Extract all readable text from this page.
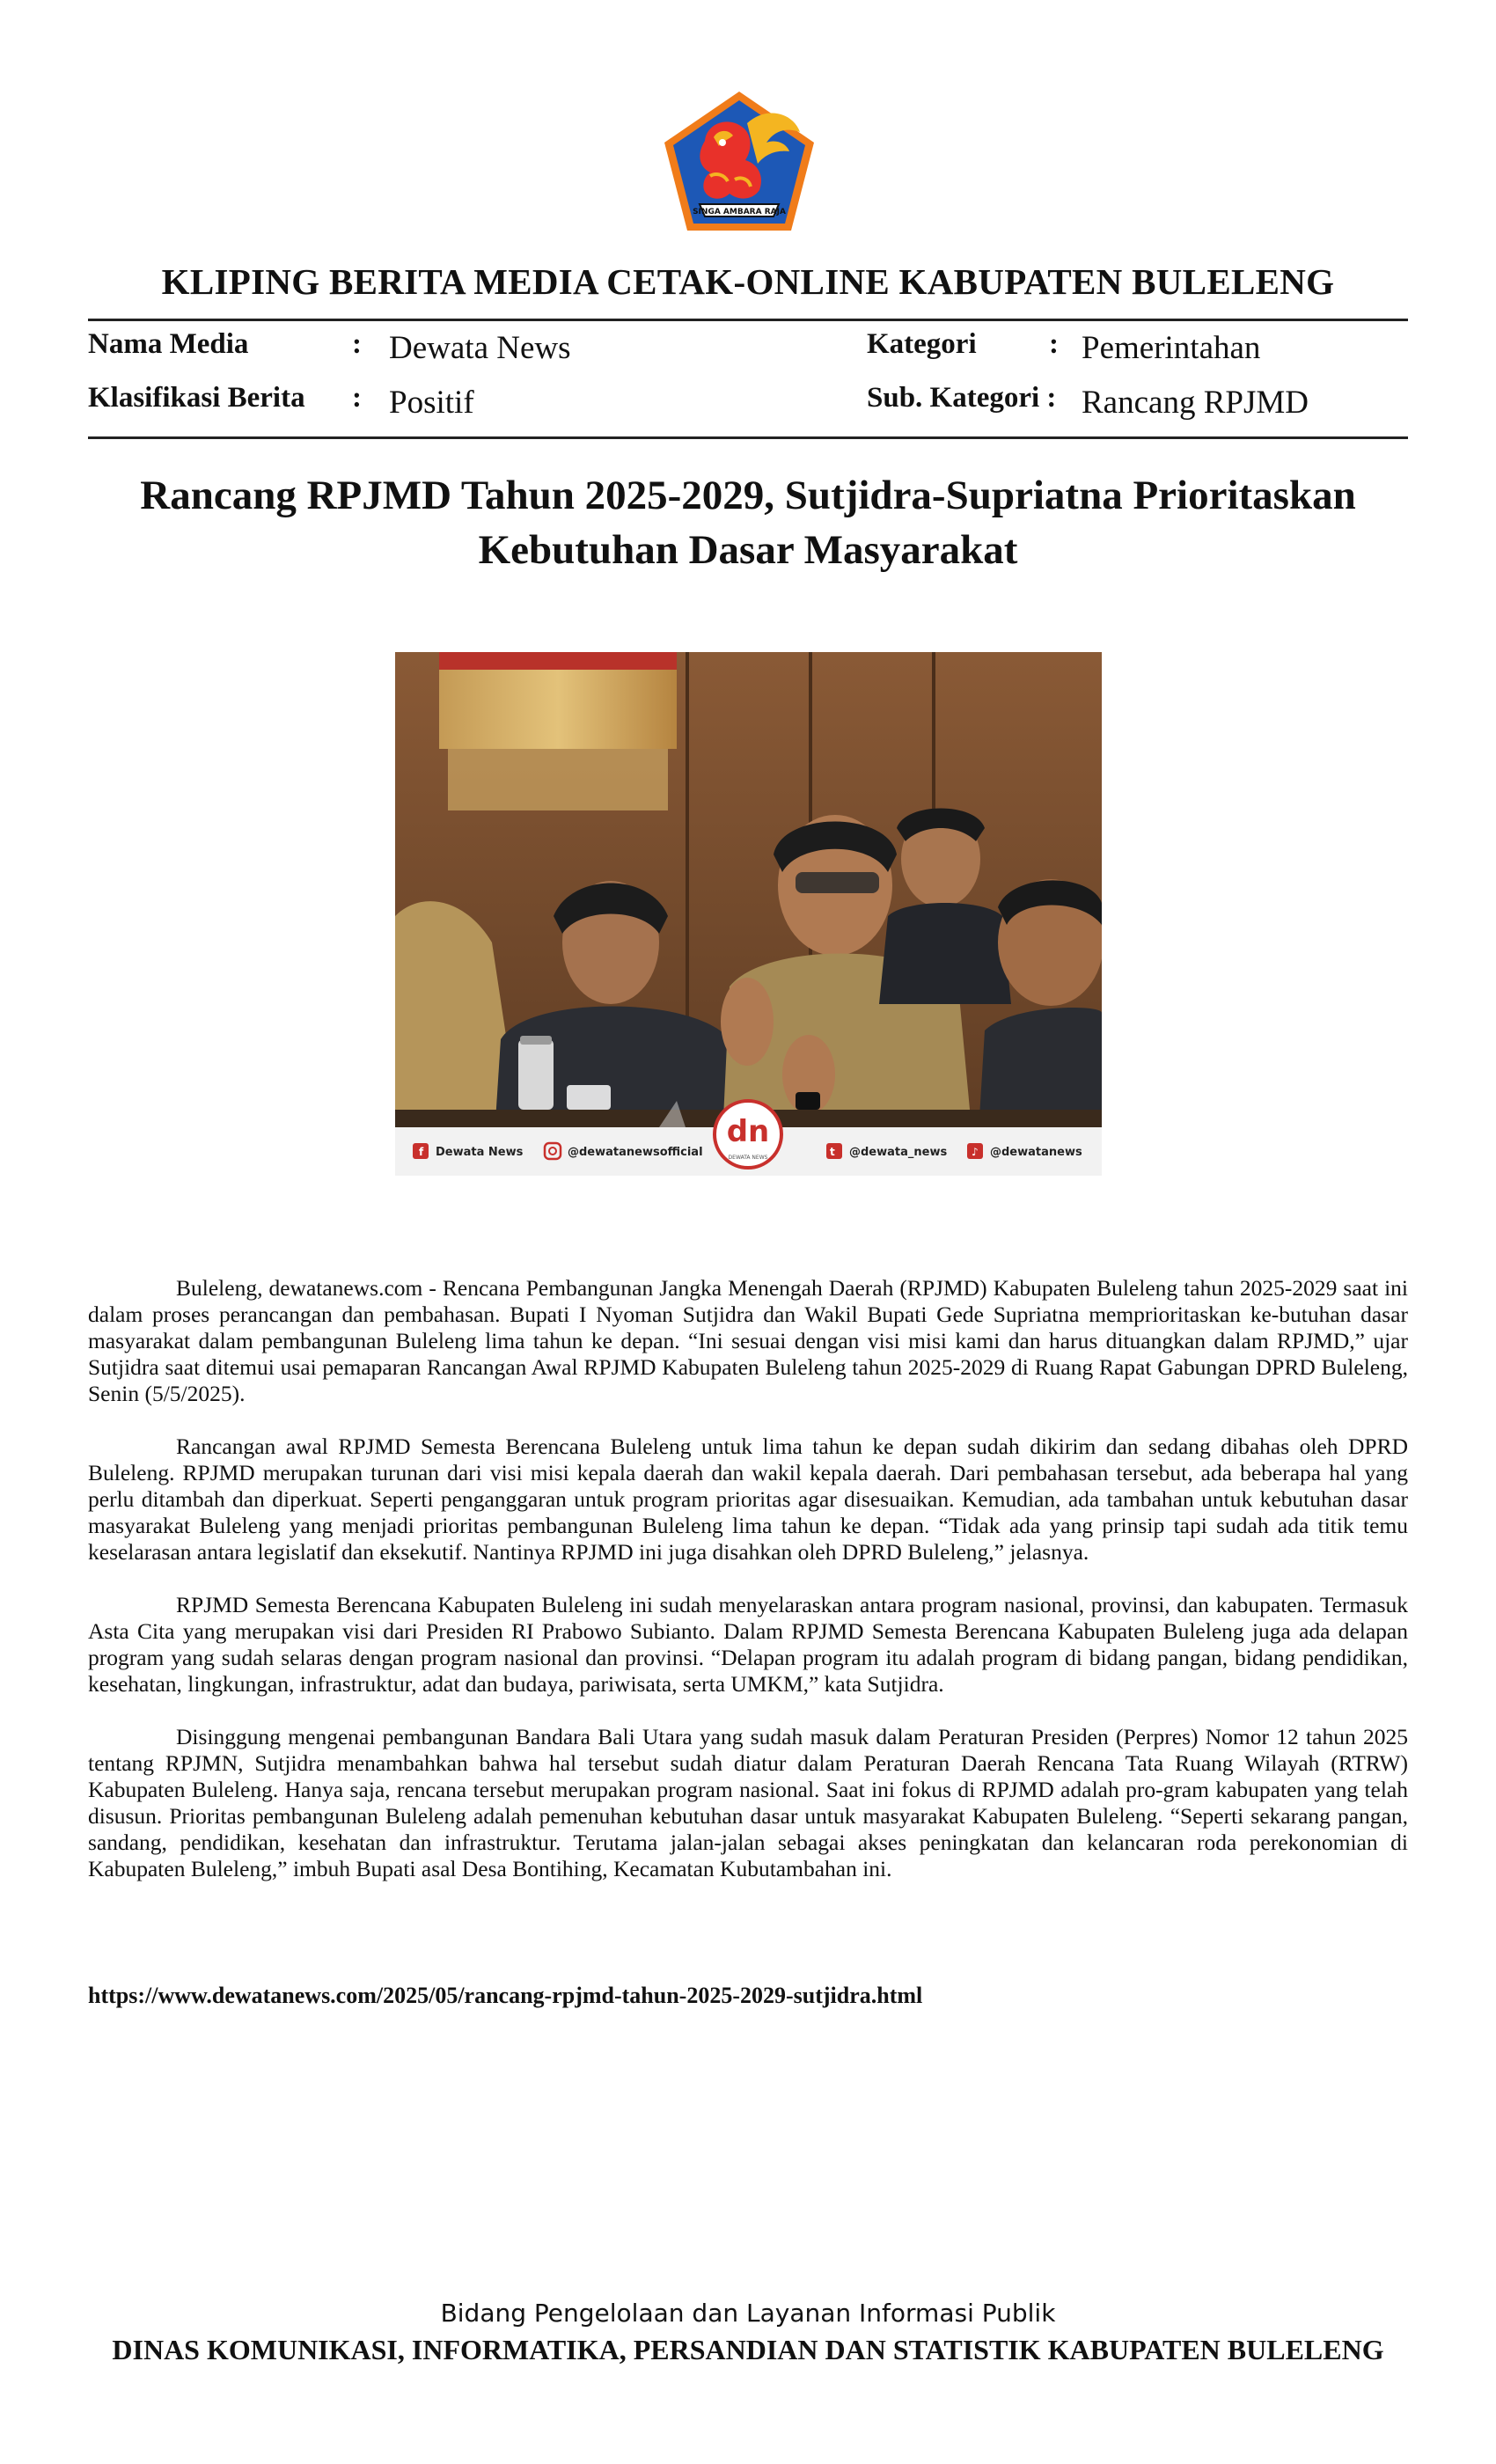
SINGA AMBARA RAJA
KLIPING BERITA MEDIA CETAK-ONLINE KABUPATEN BULELENG
Nama Media	: Dewata News	Kategori : Pemerintahan
Klasifikasi Berita : Positif	Sub. Kategori : Rancang RPJMD
Rancang RPJMD Tahun 2025-2029, Sutjidra-Supriatna Prioritaskan
Kebutuhan Dasar Masyarakat
f Dewata News	@dewatanewsofficial	t @dewata_news ♪ @dewatanews
dn
DEWATA NEWS

Buleleng, dewatanews.com - Rencana Pembangunan Jangka Menengah Daerah (RPJMD) Kabupaten Buleleng tahun 2025-2029 saat ini dalam proses perancangan dan pembahasan. Bupati I Nyoman Sutjidra dan Wakil Bupati Gede Supriatna memprioritaskan ke-butuhan dasar masyarakat dalam pembangunan Buleleng lima tahun ke depan. “Ini sesuai dengan visi misi kami dan harus dituangkan dalam RPJMD,” ujar Sutjidra saat ditemui usai pemaparan Rancangan Awal RPJMD Kabupaten Buleleng tahun 2025-2029 di Ruang Rapat Gabungan DPRD Buleleng, Senin (5/5/2025).

Rancangan awal RPJMD Semesta Berencana Buleleng untuk lima tahun ke depan sudah dikirim dan sedang dibahas oleh DPRD Buleleng. RPJMD merupakan turunan dari visi misi kepala daerah dan wakil kepala daerah. Dari pembahasan tersebut, ada beberapa hal yang perlu ditambah dan diperkuat. Seperti penganggaran untuk program prioritas agar disesuaikan. Kemudian, ada tambahan untuk kebutuhan dasar masyarakat Buleleng yang menjadi prioritas pembangunan Buleleng lima tahun ke depan. “Tidak ada yang prinsip tapi sudah ada titik temu keselarasan antara legislatif dan eksekutif. Nantinya RPJMD ini juga disahkan oleh DPRD Buleleng,” jelasnya.

RPJMD Semesta Berencana Kabupaten Buleleng ini sudah menyelaraskan antara program nasional, provinsi, dan kabupaten. Termasuk Asta Cita yang merupakan visi dari Presiden RI Prabowo Subianto. Dalam RPJMD Semesta Berencana Kabupaten Buleleng juga ada delapan program yang sudah selaras dengan program nasional dan provinsi. “Delapan program itu adalah program di bidang pangan, bidang pendidikan, kesehatan, lingkungan, infrastruktur, adat dan budaya, pariwisata, serta UMKM,” kata Sutjidra.

Disinggung mengenai pembangunan Bandara Bali Utara yang sudah masuk dalam Peraturan Presiden (Perpres) Nomor 12 tahun 2025 tentang RPJMN, Sutjidra menambahkan bahwa hal tersebut sudah diatur dalam Peraturan Daerah Rencana Tata Ruang Wilayah (RTRW) Kabupaten Buleleng. Hanya saja, rencana tersebut merupakan program nasional. Saat ini fokus di RPJMD adalah pro-gram kabupaten yang telah disusun. Prioritas pembangunan Buleleng adalah pemenuhan kebutuhan dasar untuk masyarakat Kabupaten Buleleng. “Seperti sekarang pangan, sandang, pendidikan, kesehatan dan infrastruktur. Terutama jalan-jalan sebagai akses peningkatan dan kelancaran roda perekonomian di Kabupaten Buleleng,” imbuh Bupati asal Desa Bontihing, Kecamatan Kubutambahan ini.

https://www.dewatanews.com/2025/05/rancang-rpjmd-tahun-2025-2029-sutjidra.html
Bidang Pengelolaan dan Layanan Informasi Publik
DINAS KOMUNIKASI, INFORMATIKA, PERSANDIAN DAN STATISTIK KABUPATEN BULELENG
